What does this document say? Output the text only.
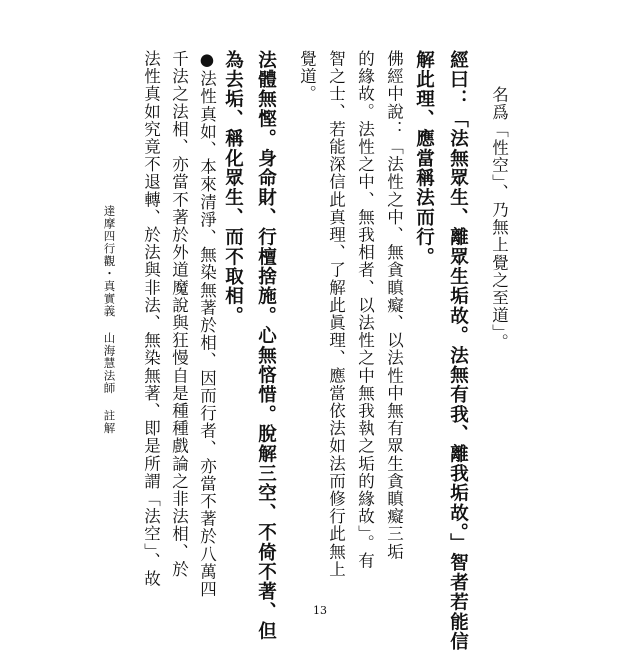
名爲「性空」、乃無上覺之至道」。
經曰：「法無眾生、離眾生垢故。法無有我、離我垢故。」智者若能信
解此理、應當稱法而行。
佛經中說：「法性之中、無貪瞋癡、以法性中無有眾生貪瞋癡三垢
的緣故。法性之中、無我相者、以法性之中無我執之垢的緣故」。有
智之士、若能深信此真理、了解此眞理、應當依法如法而修行此無上
覺道。
法體無慳。身命財、行檀捨施。心無悋惜。脫解三空、不倚不著、但
為去垢、稱化眾生、而不取相。
●法性真如、本來清淨、無染無著於相、因而行者、亦當不著於八萬四
千法之法相、亦當不著於外道魔說與狂慢自是種種戲論之非法相、於
法性真如究竟不退轉、於法與非法、無染無著、即是所謂「法空」、故
達摩四行觀・真實義
山海慧法師 註解
13
